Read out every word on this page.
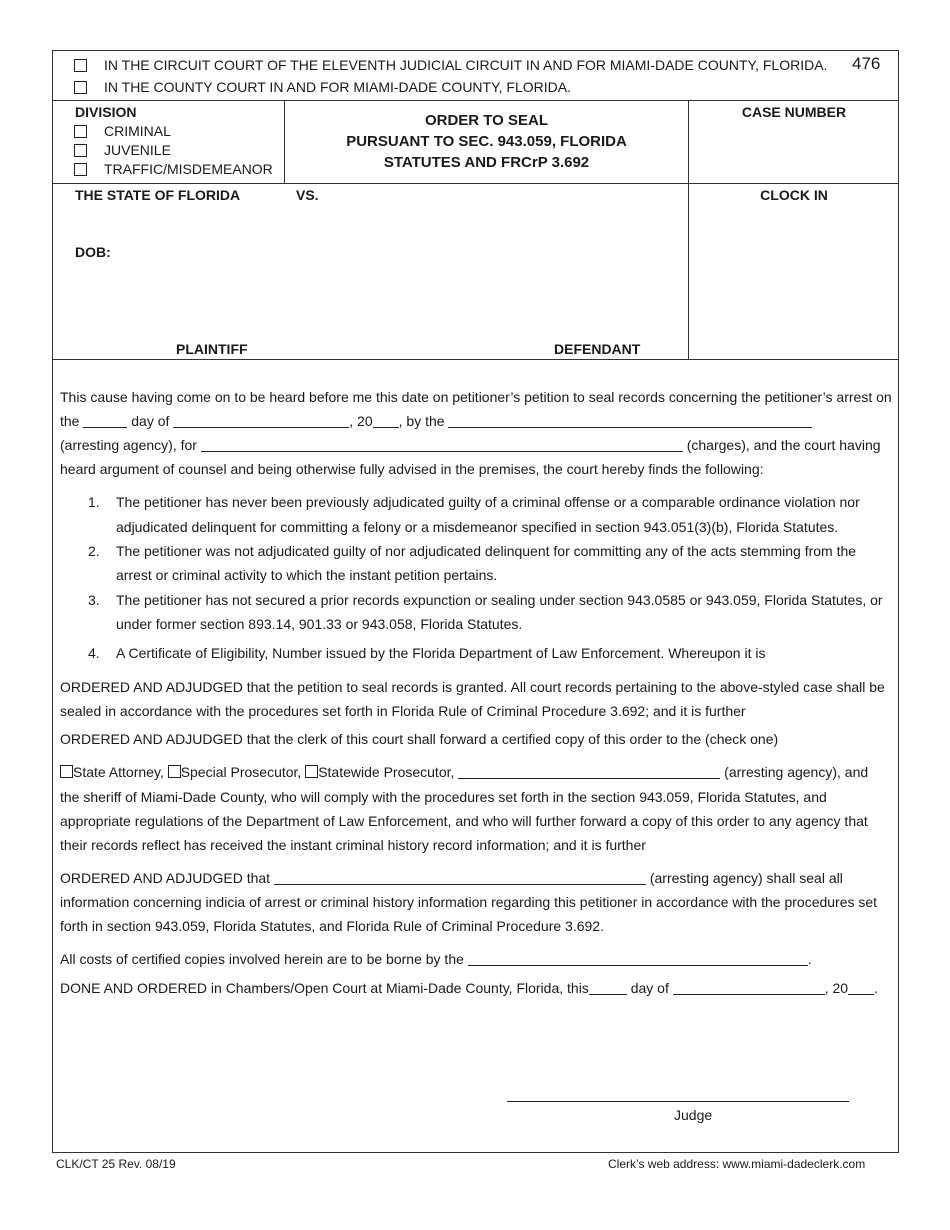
IN THE CIRCUIT COURT OF THE ELEVENTH JUDICIAL CIRCUIT IN AND FOR MIAMI-DADE COUNTY, FLORIDA. 476
IN THE COUNTY COURT IN AND FOR MIAMI-DADE COUNTY, FLORIDA.
DIVISION
CRIMINAL
JUVENILE
TRAFFIC/MISDEMEANOR
ORDER TO SEAL
PURSUANT TO SEC. 943.059, FLORIDA
STATUTES AND FRCrP 3.692
CASE NUMBER
THE STATE OF FLORIDA	VS.	CLOCK IN
DOB:
PLAINTIFF	DEFENDANT
This cause having come on to be heard before me this date on petitioner’s petition to seal records concerning the petitioner’s arrest on
the	day of	, 20 , by the
(arresting agency), for	(charges), and the court having
heard argument of counsel and being otherwise fully advised in the premises, the court hereby finds the following:
1. The petitioner has never been previously adjudicated guilty of a criminal offense or a comparable ordinance violation nor
adjudicated delinquent for committing a felony or a misdemeanor specified in section 943.051(3)(b), Florida Statutes.
2. The petitioner was not adjudicated guilty of nor adjudicated delinquent for committing any of the acts stemming from the
arrest or criminal activity to which the instant petition pertains.
3. The petitioner has not secured a prior records expunction or sealing under section 943.0585 or 943.059, Florida Statutes, or
under former section 893.14, 901.33 or 943.058, Florida Statutes.
4. A Certificate of Eligibility, Number issued by the Florida Department of Law Enforcement. Whereupon it is
ORDERED AND ADJUDGED that the petition to seal records is granted. All court records pertaining to the above-styled case shall be
sealed in accordance with the procedures set forth in Florida Rule of Criminal Procedure 3.692; and it is further
ORDERED AND ADJUDGED that the clerk of this court shall forward a certified copy of this order to the (check one)
State Attorney, Special Prosecutor, Statewide Prosecutor,	(arresting agency), and
the sheriff of Miami-Dade County, who will comply with the procedures set forth in the section 943.059, Florida Statutes, and
appropriate regulations of the Department of Law Enforcement, and who will further forward a copy of this order to any agency that
their records reflect has received the instant criminal history record information; and it is further
ORDERED AND ADJUDGED that	(arresting agency) shall seal all
information concerning indicia of arrest or criminal history information regarding this petitioner in accordance with the procedures set
forth in section 943.059, Florida Statutes, and Florida Rule of Criminal Procedure 3.692.
All costs of certified copies involved herein are to be borne by the	.
DONE AND ORDERED in Chambers/Open Court at Miami-Dade County, Florida, this	day of	, 20 .
Judge
CLK/CT 25 Rev. 08/19	Clerk’s web address: www.miami-dadeclerk.com
